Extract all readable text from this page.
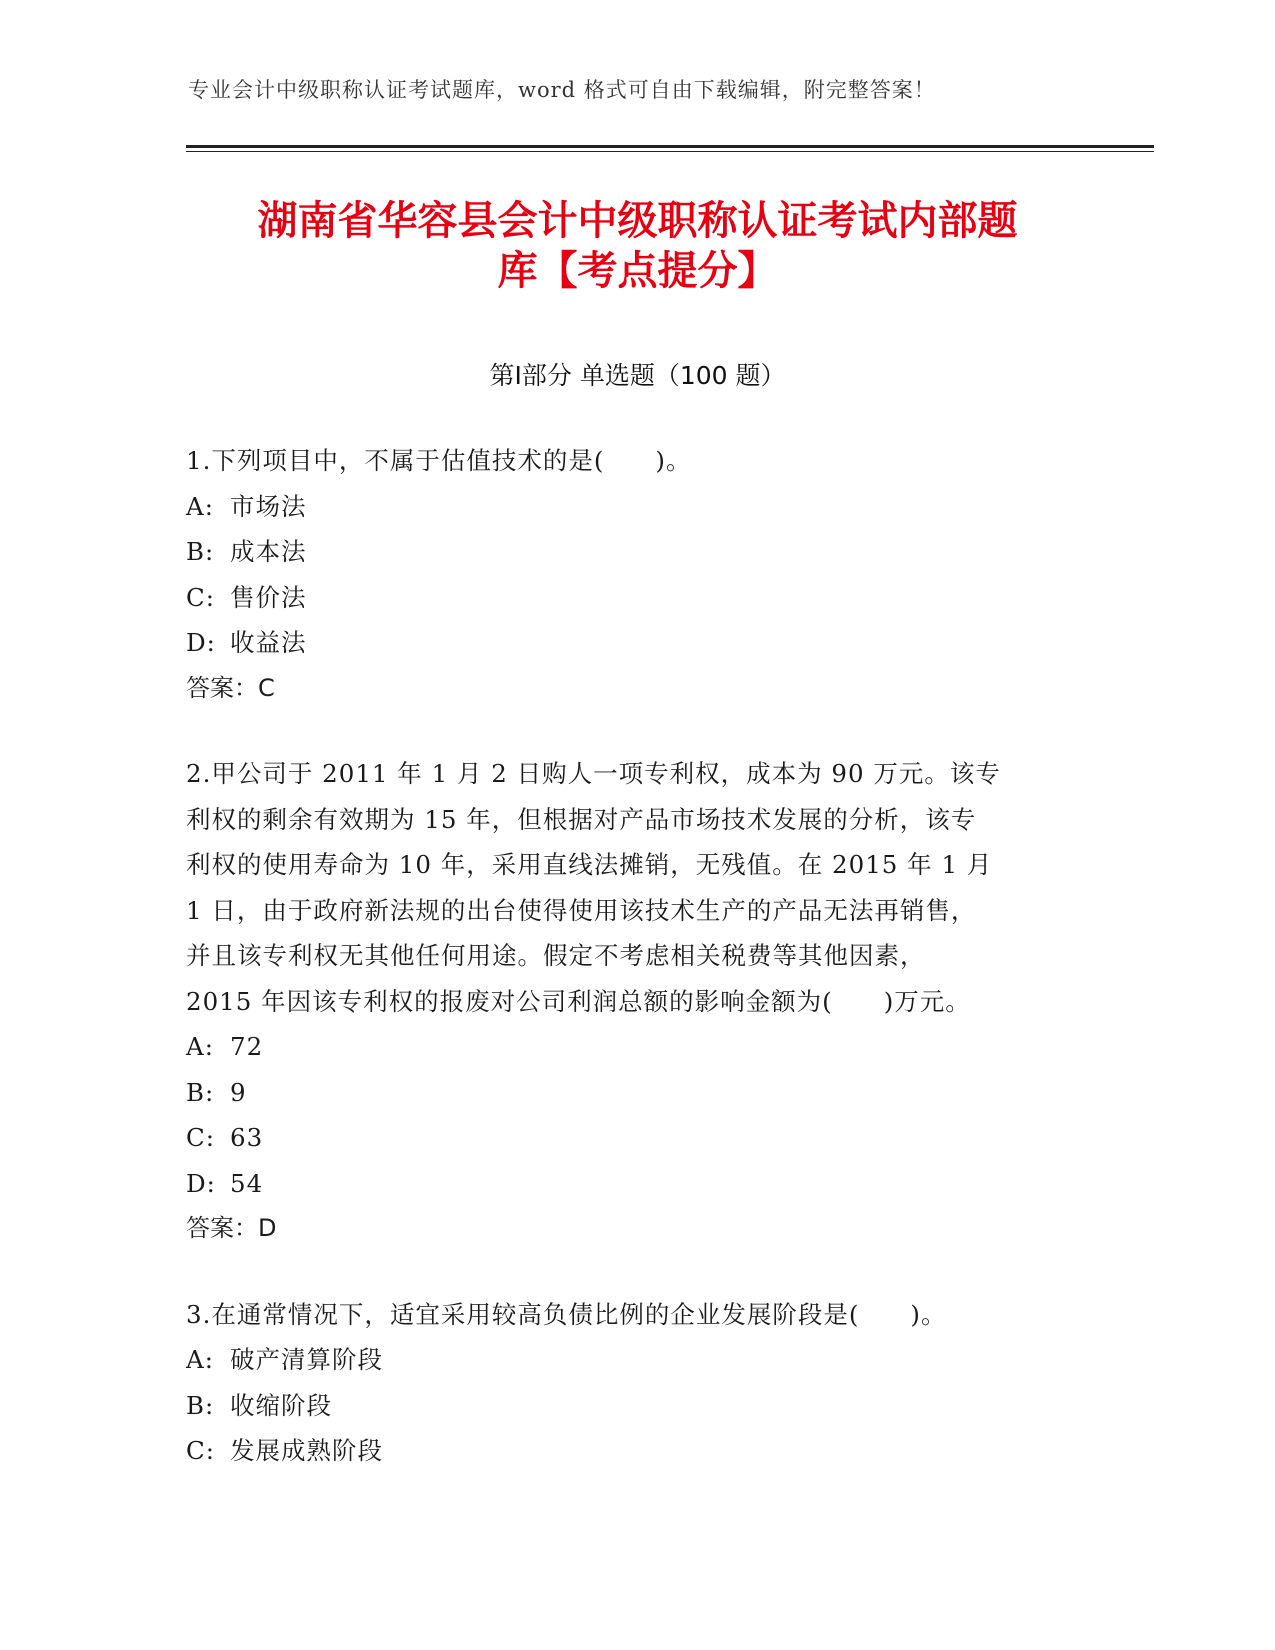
专业会计中级职称认证考试题库，word 格式可自由下载编辑，附完整答案！
湖南省华容县会计中级职称认证考试内部题
库【考点提分】
第Ⅰ部分 单选题（100 题）
1.下列项目中，不属于估值技术的是(　　)。
A: 市场法
B: 成本法
C: 售价法
D: 收益法
答案：C
2.甲公司于 2011 年 1 月 2 日购人一项专利权，成本为 90 万元。该专
利权的剩余有效期为 15 年，但根据对产品市场技术发展的分析，该专
利权的使用寿命为 10 年，采用直线法摊销，无残值。在 2015 年 1 月
1 日，由于政府新法规的出台使得使用该技术生产的产品无法再销售，
并且该专利权无其他任何用途。假定不考虑相关税费等其他因素，
2015 年因该专利权的报废对公司利润总额的影响金额为(　　)万元。
A: 72
B: 9
C: 63
D: 54
答案：D
3.在通常情况下，适宜采用较高负债比例的企业发展阶段是(　　)。
A: 破产清算阶段
B: 收缩阶段
C: 发展成熟阶段
